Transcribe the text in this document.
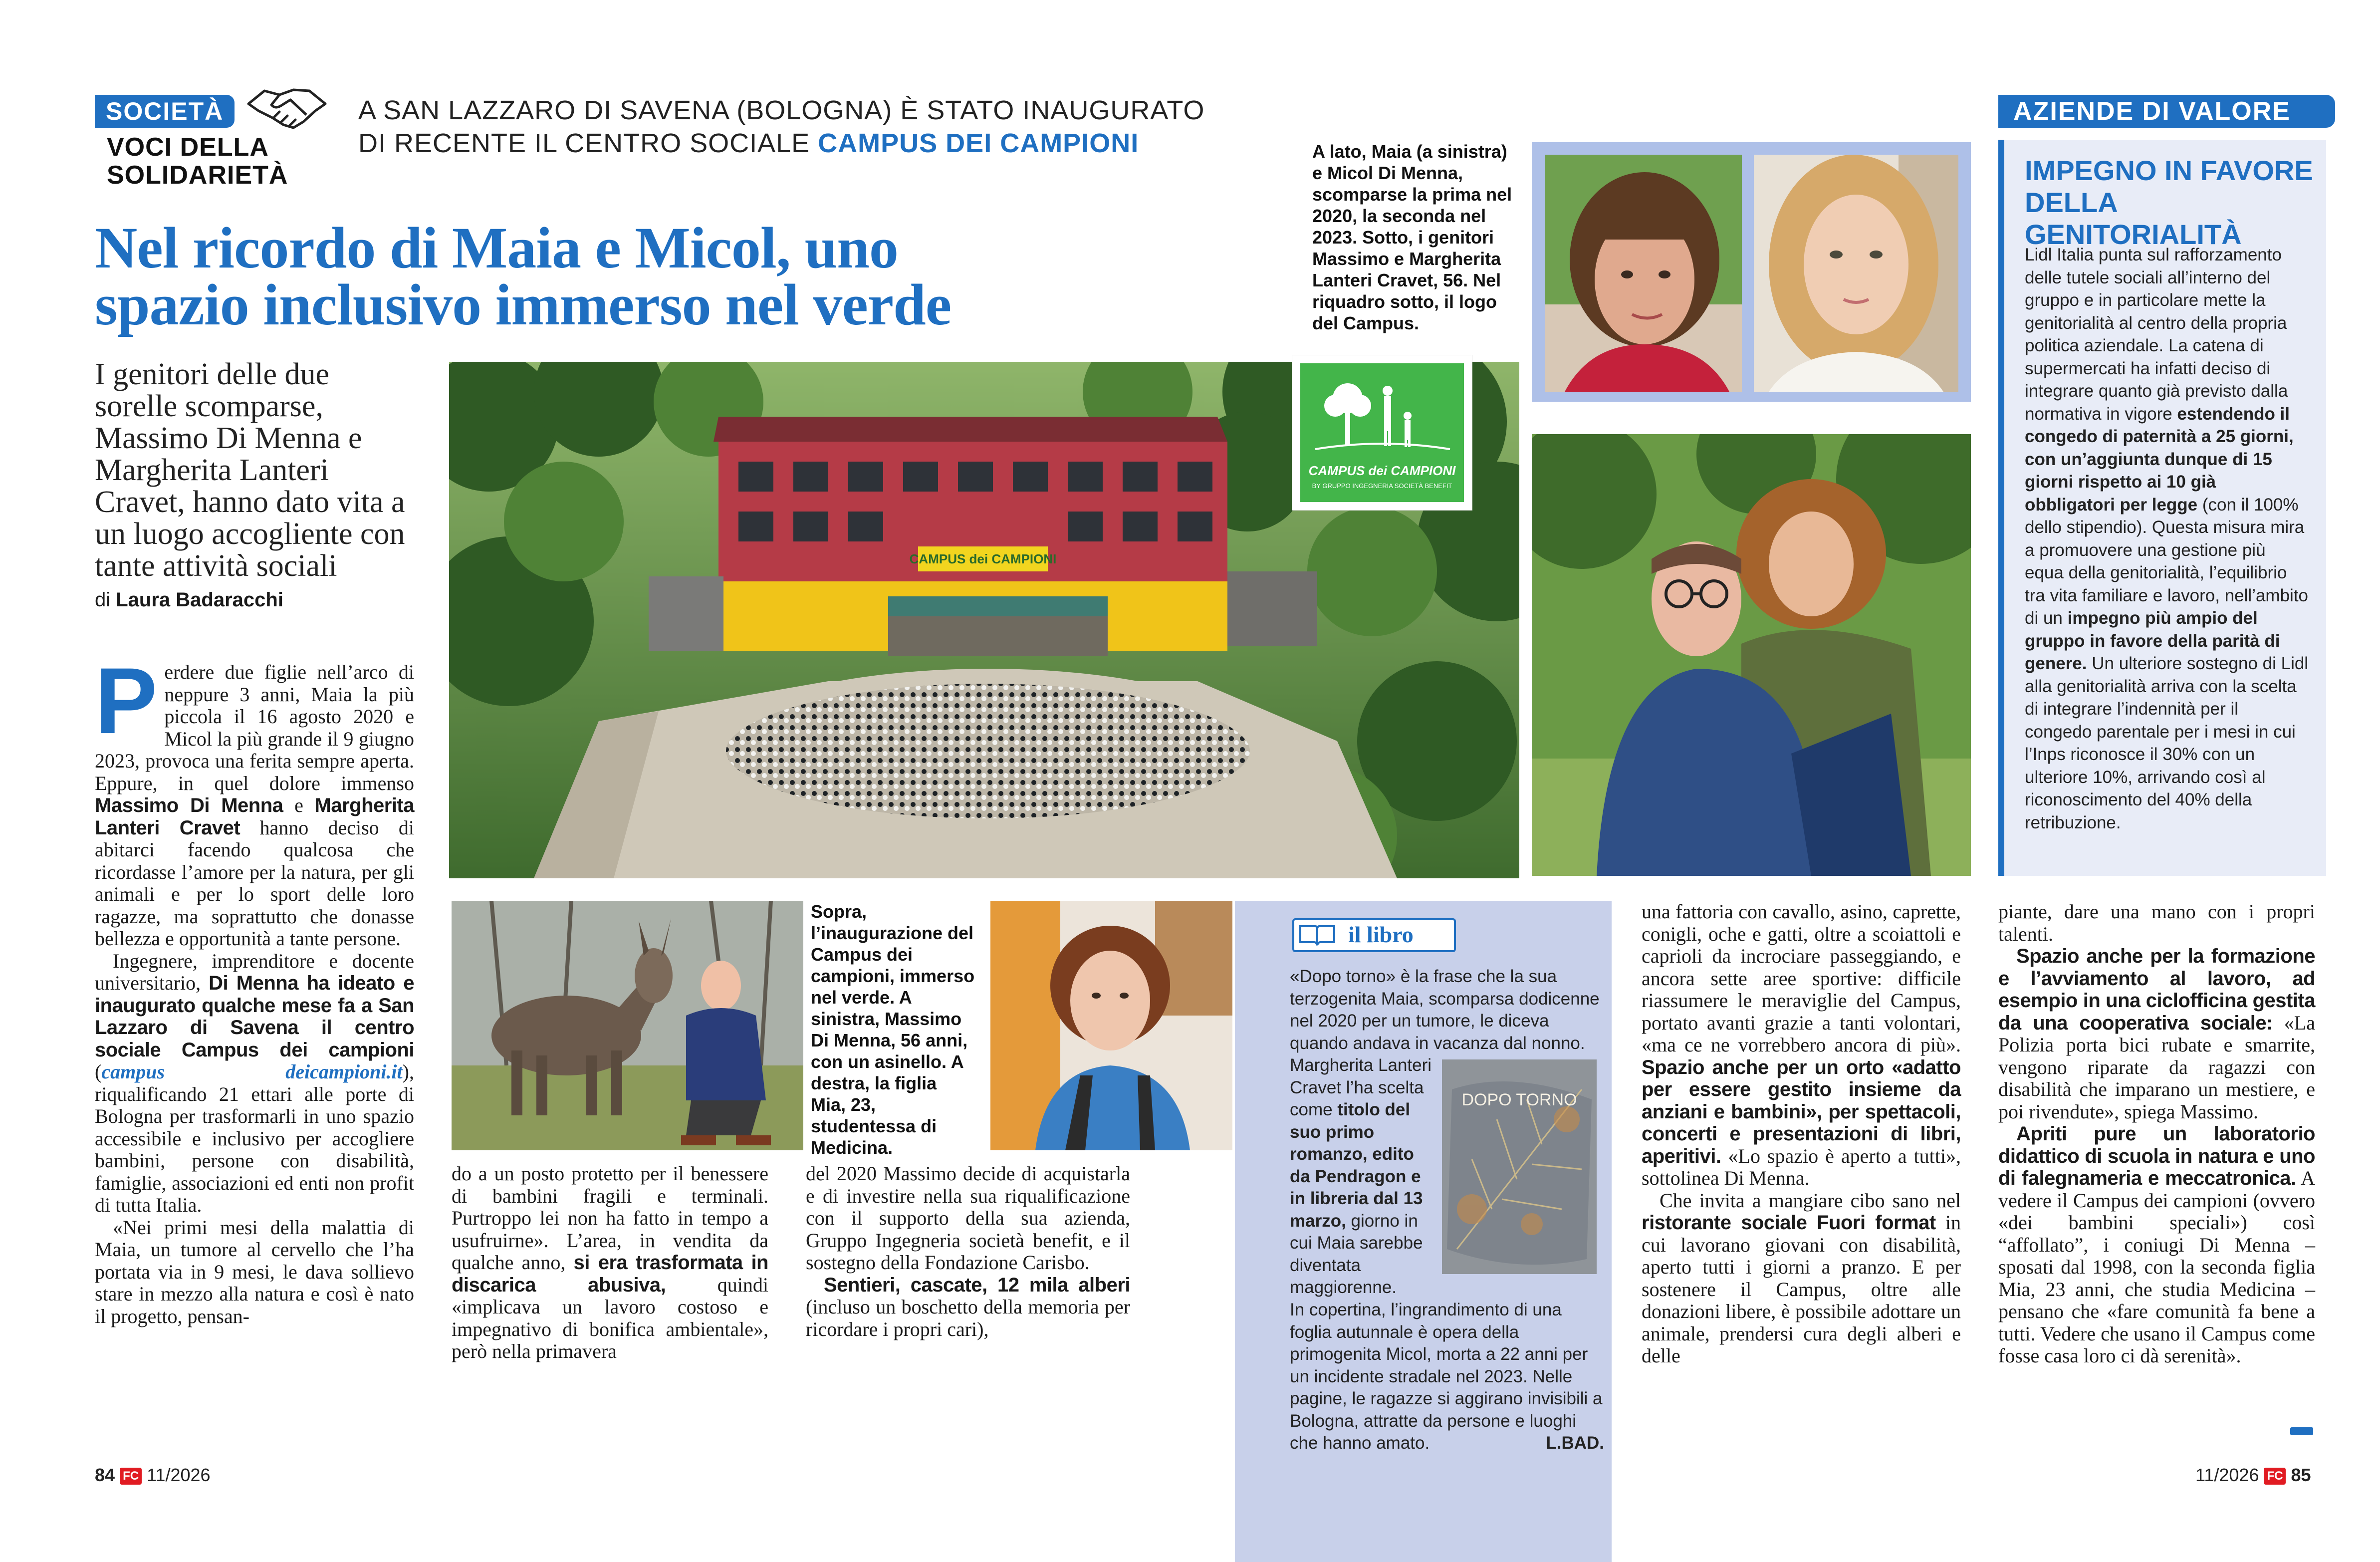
SOCIETÀ
VOCI DELLA
SOLIDARIETÀ
A SAN LAZZARO DI SAVENA (BOLOGNA) È STATO INAUGURATO
DI RECENTE IL CENTRO SOCIALE CAMPUS DEI CAMPIONI
Nel ricordo di Maia e Micol, uno
spazio inclusivo immerso nel verde
I genitori delle due sorelle scomparse, Massimo Di Menna e Margherita Lanteri Cravet, hanno dato vita a un luogo accogliente con tante attività sociali
di Laura Badaracchi
CAMPUS dei CAMPIONI
A lato, Maia (a sinistra) e Micol Di Menna, scomparse la prima nel 2020, la seconda nel 2023. Sotto, i genitori Massimo e Margherita Lanteri Cravet, 56. Nel riquadro sotto, il logo del Campus.
CAMPUS dei CAMPIONI
BY GRUPPO INGEGNERIA SOCIETÀ BENEFIT

Perdere due figlie nell’arco di neppure 3 anni, Maia la più piccola il 16 agosto 2020 e Micol la più grande il 9 giugno 2023, provoca una ferita sempre aperta. Eppure, in quel dolore immenso Massimo Di Menna e Margherita Lanteri Cravet hanno deciso di abitarci facendo qualcosa che ricordasse l’amore per la natura, per gli animali e per lo sport delle loro ragazze, ma soprattutto che donasse bellezza e opportunità a tante persone.

Ingegnere, imprenditore e docente universitario, Di Menna ha ideato e inaugurato qualche mese fa a San Lazzaro di Savena il centro sociale Campus dei campioni (campus deicampioni.it), riqualificando 21 ettari alle porte di Bologna per trasformarli in uno spazio accessibile e inclusivo per accogliere bambini, persone con disabilità, famiglie, associazioni ed enti non profit di tutta Italia.

«Nei primi mesi della malattia di Maia, un tumore al cervello che l’ha portata via in 9 mesi, le dava sollievo stare in mezzo alla natura e così è nato il progetto, pensan-

Sopra, l’inaugurazione del Campus dei campioni, immerso nel verde. A sinistra, Massimo Di Menna, 56 anni, con un asinello. A destra, la figlia Mia, 23, studentessa di Medicina.

do a un posto protetto per il benessere di bambini fragili e terminali. Purtroppo lei non ha fatto in tempo a usufruirne». L’area, in vendita da qualche anno, si era trasformata in discarica abusiva, quindi «implicava un lavoro costoso e impegnativo di bonifica ambientale», però nella primavera

del 2020 Massimo decide di acquistarla e di investire nella sua riqualificazione con il supporto della sua azienda, Gruppo Ingegneria società benefit, e il sostegno della Fondazione Carisbo.

Sentieri, cascate, 12 mila alberi (incluso un boschetto della memoria per ricordare i propri cari),

il libro
DOPO TORNO
«Dopo torno» è la frase che la sua terzogenita Maia, scomparsa dodicenne nel 2020 per un tumore, le diceva quando andava in vacanza dal nonno.
Margherita Lanteri Cravet l’ha scelta come titolo del suo primo romanzo, edito da Pendragon e in libreria dal 13 marzo, giorno in cui Maia sarebbe diventata maggiorenne.
In copertina, l’ingrandimento di una foglia autunnale è opera della primogenita Micol, morta a 22 anni per un incidente stradale nel 2023. Nelle pagine, le ragazze si aggirano invisibili a Bologna, attratte da persone e luoghi che hanno amato.	L.BAD.

una fattoria con cavallo, asino, caprette, conigli, oche e gatti, oltre a scoiattoli e caprioli da incrociare passeggiando, e ancora sette aree sportive: difficile riassumere le meraviglie del Campus, portato avanti grazie a tanti volontari, «ma ce ne vorrebbero ancora di più». Spazio anche per un orto «adatto per essere gestito insieme da anziani e bambini», per spettacoli, concerti e presentazioni di libri, aperitivi. «Lo spazio è aperto a tutti», sottolinea Di Menna.

Che invita a mangiare cibo sano nel ristorante sociale Fuori format in cui lavorano giovani con disabilità, aperto tutti i giorni a pranzo. E per sostenere il Campus, oltre alle donazioni libere, è possibile adottare un animale, prendersi cura degli alberi e delle

piante, dare una mano con i propri talenti.

Spazio anche per la formazione e l’avviamento al lavoro, ad esempio in una ciclofficina gestita da una cooperativa sociale: «La Polizia porta bici rubate e smarrite, vengono riparate da ragazzi con disabilità che imparano un mestiere, e poi rivendute», spiega Massimo.

Apriti pure un laboratorio didattico di scuola in natura e uno di falegnameria e meccatronica. A vedere il Campus dei campioni (ovvero «dei bambini speciali») così “affollato”, i coniugi Di Menna – sposati dal 1998, con la seconda figlia Mia, 23 anni, che studia Medicina – pensano che «fare comunità fa bene a tutti. Vedere che usano il Campus come fosse casa loro ci dà serenità».

AZIENDE DI VALORE
IMPEGNO IN FAVORE
DELLA GENITORIALITÀ
Lidl Italia punta sul rafforzamento delle tutele sociali all’interno del gruppo e in particolare mette la genitorialità al centro della propria politica aziendale. La catena di supermercati ha infatti deciso di integrare quanto già previsto dalla normativa in vigore estendendo il congedo di paternità a 25 giorni, con un’aggiunta dunque di 15 giorni rispetto ai 10 già obbligatori per legge (con il 100% dello stipendio). Questa misura mira a promuovere una gestione più equa della genitorialità, l’equilibrio tra vita familiare e lavoro, nell’ambito di un impegno più ampio del gruppo in favore della parità di genere. Un ulteriore sostegno di Lidl alla genitorialità arriva con la scelta di integrare l’indennità per il congedo parentale per i mesi in cui l’Inps riconosce il 30% con un ulteriore 10%, arrivando così al riconoscimento del 40% della retribuzione.
84 FC 11/2026	11/2026 FC 85
